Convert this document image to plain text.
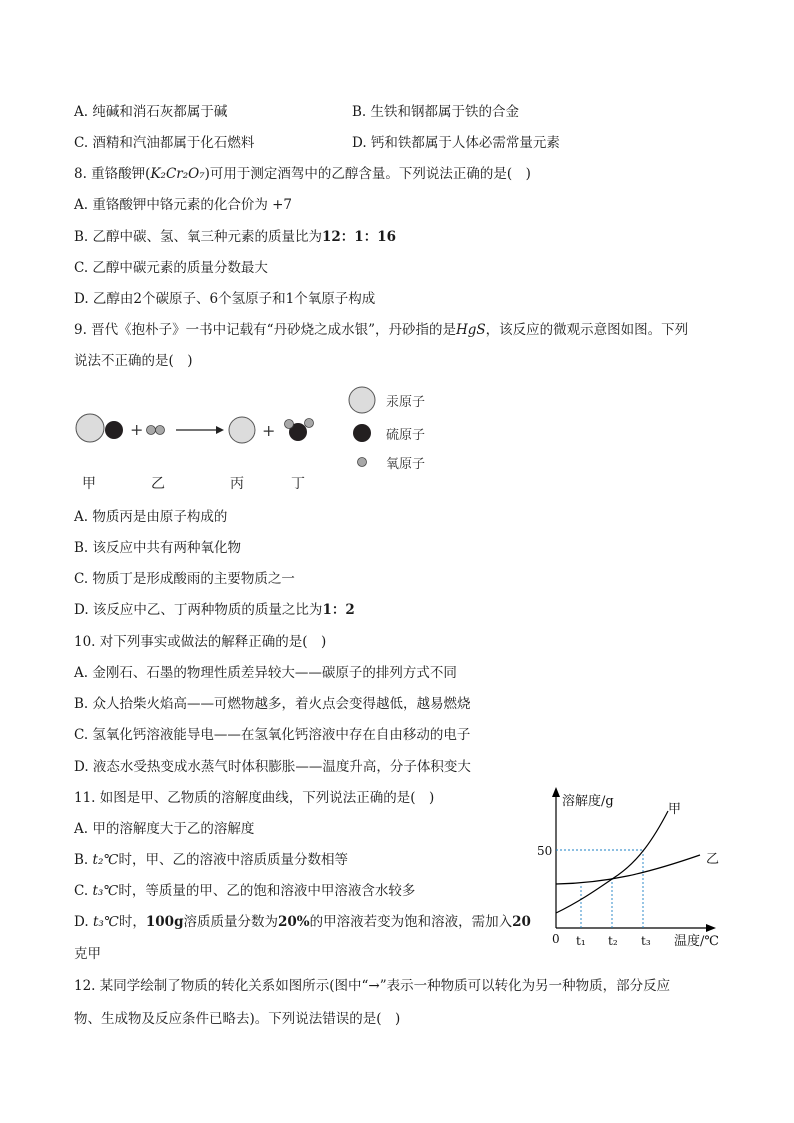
A. 纯碱和消石灰都属于碱	B. 生铁和钢都属于铁的合金
C. 酒精和汽油都属于化石燃料	D. 钙和铁都属于人体必需常量元素
8. 重铬酸钾(K₂Cr₂O₇)可用于测定酒驾中的乙醇含量。下列说法正确的是(　)
A. 重铬酸钾中铬元素的化合价为 +7
B. 乙醇中碳、氢、氧三种元素的质量比为12：1：16
C. 乙醇中碳元素的质量分数最大
D. 乙醇由2个碳原子、6个氢原子和1个氧原子构成
9. 晋代《抱朴子》一书中记载有“丹砂烧之成水银”，丹砂指的是HgS，该反应的微观示意图如图。下列
说法不正确的是(　)
+	+
甲	乙	丙	丁
汞原子
硫原子
氧原子
A. 物质丙是由原子构成的
B. 该反应中共有两种氧化物
C. 物质丁是形成酸雨的主要物质之一
D. 该反应中乙、丁两种物质的质量之比为1：2
10. 对下列事实或做法的解释正确的是(　)
A. 金刚石、石墨的物理性质差异较大——碳原子的排列方式不同
B. 众人拾柴火焰高——可燃物越多，着火点会变得越低，越易燃烧
C. 氢氧化钙溶液能导电——在氢氧化钙溶液中存在自由移动的电子
D. 液态水受热变成水蒸气时体积膨胀——温度升高，分子体积变大
11. 如图是甲、乙物质的溶解度曲线，下列说法正确的是(　)
A. 甲的溶解度大于乙的溶解度
B. t₂℃时，甲、乙的溶液中溶质质量分数相等
C. t₃℃时，等质量的甲、乙的饱和溶液中甲溶液含水较多
D. t₃℃时，100g溶质质量分数为20%的甲溶液若变为饱和溶液，需加入20
克甲
溶解度/g
温度/℃
0
50
t₁ t₂ t₃
甲
乙
12. 某同学绘制了物质的转化关系如图所示(图中“→”表示一种物质可以转化为另一种物质，部分反应
物、生成物及反应条件已略去)。下列说法错误的是(　)
